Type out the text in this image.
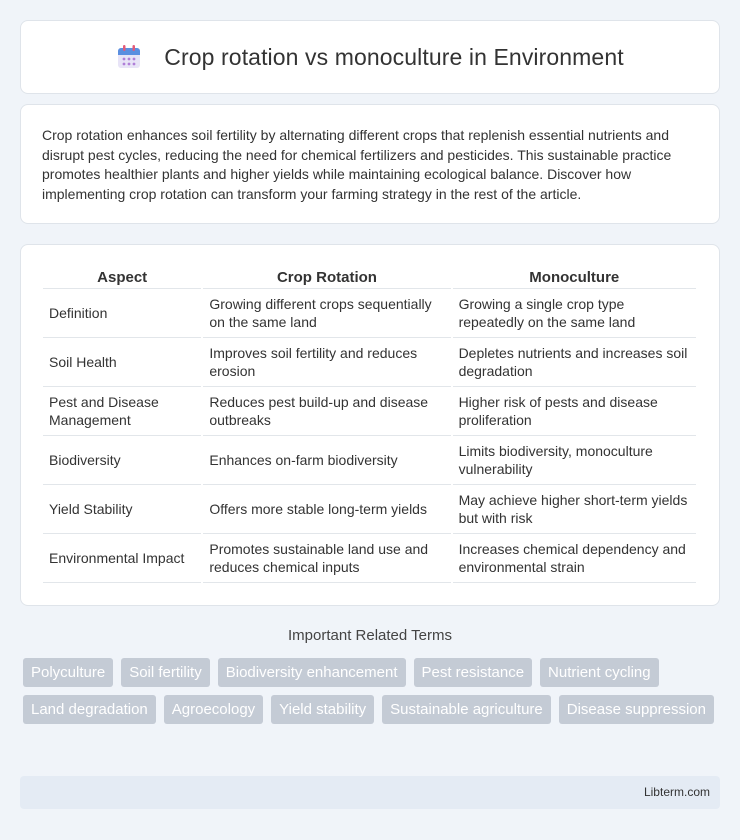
Crop rotation vs monoculture in Environment

Crop rotation enhances soil fertility by alternating different crops that replenish essential nutrients and disrupt pest cycles, reducing the need for chemical fertilizers and pesticides. This sustainable practice promotes healthier plants and higher yields while maintaining ecological balance. Discover how implementing crop rotation can transform your farming strategy in the rest of the article.

Aspect	Crop Rotation	Monoculture
Definition	Growing different crops sequentially on the same land	Growing a single crop type repeatedly on the same land
Soil Health	Improves soil fertility and reduces erosion	Depletes nutrients and increases soil degradation
Pest and Disease Management	Reduces pest build-up and disease outbreaks	Higher risk of pests and disease proliferation
Biodiversity	Enhances on-farm biodiversity	Limits biodiversity, monoculture vulnerability
Yield Stability	Offers more stable long-term yields	May achieve higher short-term yields but with risk
Environmental Impact	Promotes sustainable land use and reduces chemical inputs	Increases chemical dependency and environmental strain
Important Related Terms
Polyculture	Soil fertility	Biodiversity enhancement	Pest resistance	Nutrient cycling
Land degradation	Agroecology	Yield stability	Sustainable agriculture	Disease suppression
Libterm.com
